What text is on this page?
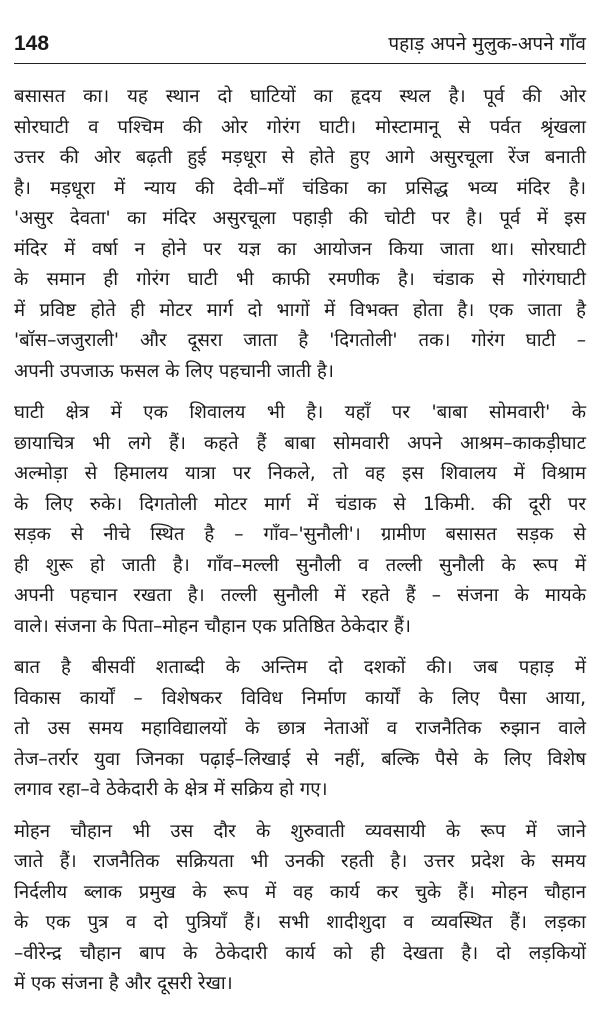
148	पहाड़ अपने मुलुक-अपने गाँव
बसासत का। यह स्थान दो घाटियों का हृदय स्थल है। पूर्व की ओर
सोरघाटी व पश्चिम की ओर गोरंग घाटी। मोस्टामानू से पर्वत श्रृंखला
उत्तर की ओर बढ़ती हुई मड़धूरा से होते हुए आगे असुरचूला रेंज बनाती
है। मड़धूरा में न्याय की देवी–माँ चंडिका का प्रसिद्ध भव्य मंदिर है।
'असुर देवता' का मंदिर असुरचूला पहाड़ी की चोटी पर है। पूर्व में इस
मंदिर में वर्षा न होने पर यज्ञ का आयोजन किया जाता था। सोरघाटी
के समान ही गोरंग घाटी भी काफी रमणीक है। चंडाक से गोरंगघाटी
में प्रविष्ट होते ही मोटर मार्ग दो भागों में विभक्त होता है। एक जाता है
'बॉस–जजुराली' और दूसरा जाता है 'दिगतोली' तक। गोरंग घाटी –
अपनी उपजाऊ फसल के लिए पहचानी जाती है।
घाटी क्षेत्र में एक शिवालय भी है। यहाँ पर 'बाबा सोमवारी' के
छायाचित्र भी लगे हैं। कहते हैं बाबा सोमवारी अपने आश्रम–काकड़ीघाट
अल्मोड़ा से हिमालय यात्रा पर निकले, तो वह इस शिवालय में विश्राम
के लिए रुके। दिगतोली मोटर मार्ग में चंडाक से 1किमी. की दूरी पर
सड़क से नीचे स्थित है – गाँव–'सुनौली'। ग्रामीण बसासत सड़क से
ही शुरू हो जाती है। गाँव–मल्ली सुनौली व तल्ली सुनौली के रूप में
अपनी पहचान रखता है। तल्ली सुनौली में रहते हैं – संजना के मायके
वाले। संजना के पिता–मोहन चौहान एक प्रतिष्ठित ठेकेदार हैं।
बात है बीसवीं शताब्दी के अन्तिम दो दशकों की। जब पहाड़ में
विकास कार्यों – विशेषकर विविध निर्माण कार्यों के लिए पैसा आया,
तो उस समय महाविद्यालयों के छात्र नेताओं व राजनैतिक रुझान वाले
तेज–तर्रार युवा जिनका पढ़ाई–लिखाई से नहीं, बल्कि पैसे के लिए विशेष
लगाव रहा–वे ठेकेदारी के क्षेत्र में सक्रिय हो गए।
मोहन चौहान भी उस दौर के शुरुवाती व्यवसायी के रूप में जाने
जाते हैं। राजनैतिक सक्रियता भी उनकी रहती है। उत्तर प्रदेश के समय
निर्दलीय ब्लाक प्रमुख के रूप में वह कार्य कर चुके हैं। मोहन चौहान
के एक पुत्र व दो पुत्रियाँ हैं। सभी शादीशुदा व व्यवस्थित हैं। लड़का
–वीरेन्द्र चौहान बाप के ठेकेदारी कार्य को ही देखता है। दो लड़कियों
में एक संजना है और दूसरी रेखा।
